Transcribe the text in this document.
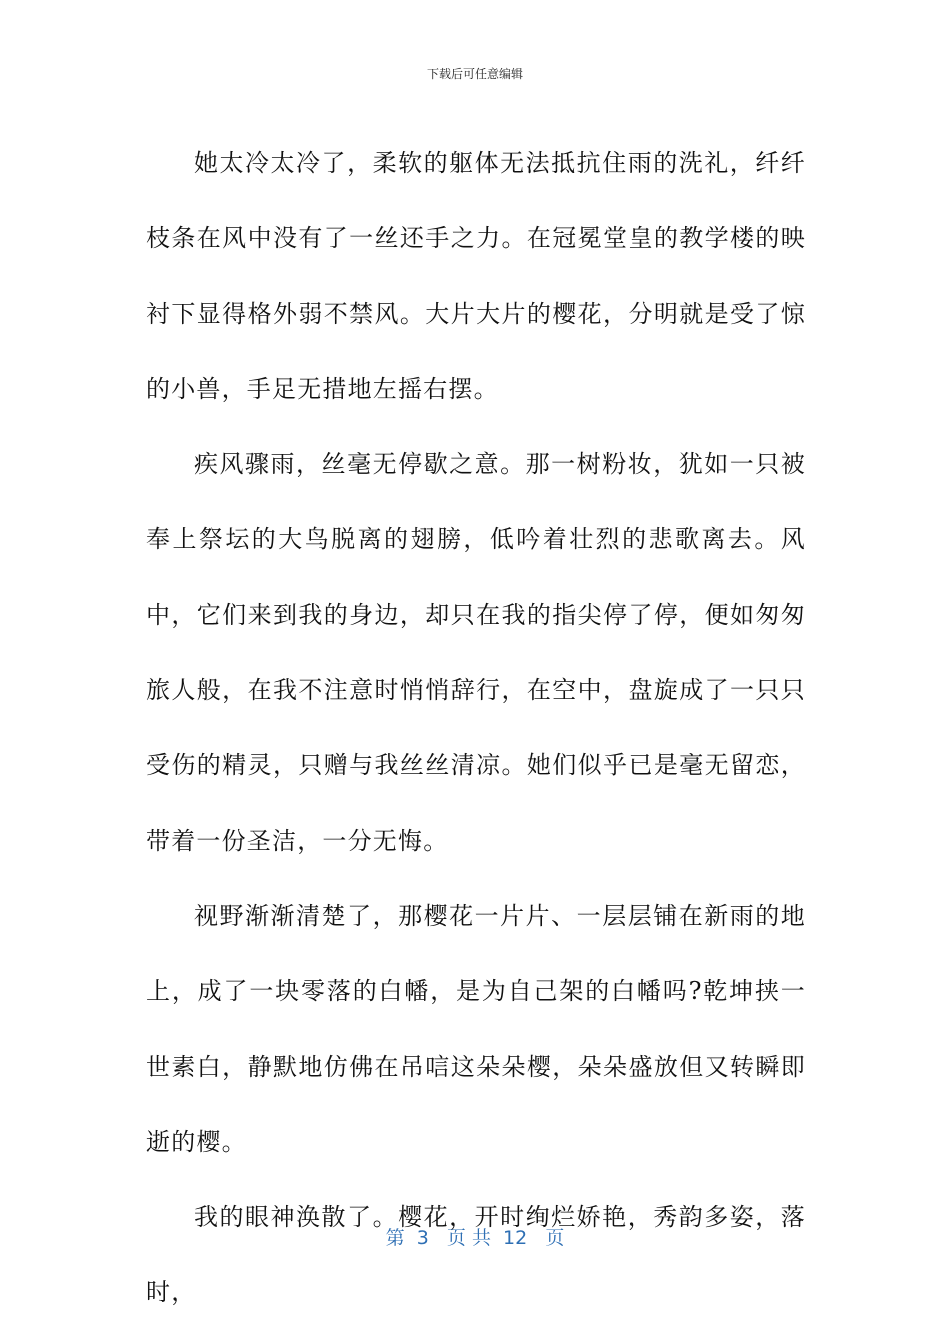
下载后可任意编辑

她太冷太冷了，柔软的躯体无法抵抗住雨的洗礼，纤纤枝条在风中没有了一丝还手之力。在冠冕堂皇的教学楼的映衬下显得格外弱不禁风。大片大片的樱花，分明就是受了惊的小兽，手足无措地左摇右摆。

疾风骤雨，丝毫无停歇之意。那一树粉妆，犹如一只被奉上祭坛的大鸟脱离的翅膀，低吟着壮烈的悲歌离去。风中，它们来到我的身边，却只在我的指尖停了停，便如匆匆旅人般，在我不注意时悄悄辞行，在空中，盘旋成了一只只受伤的精灵，只赠与我丝丝清凉。她们似乎已是毫无留恋，带着一份圣洁，一分无悔。

视野渐渐清楚了，那樱花一片片、一层层铺在新雨的地上，成了一块零落的白幡，是为自己架的白幡吗?乾坤挟一世素白，静默地仿佛在吊唁这朵朵樱，朵朵盛放但又转瞬即逝的樱。

我的眼神涣散了。樱花，开时绚烂娇艳，秀韵多姿，落时，

第  3   页 共  12   页
